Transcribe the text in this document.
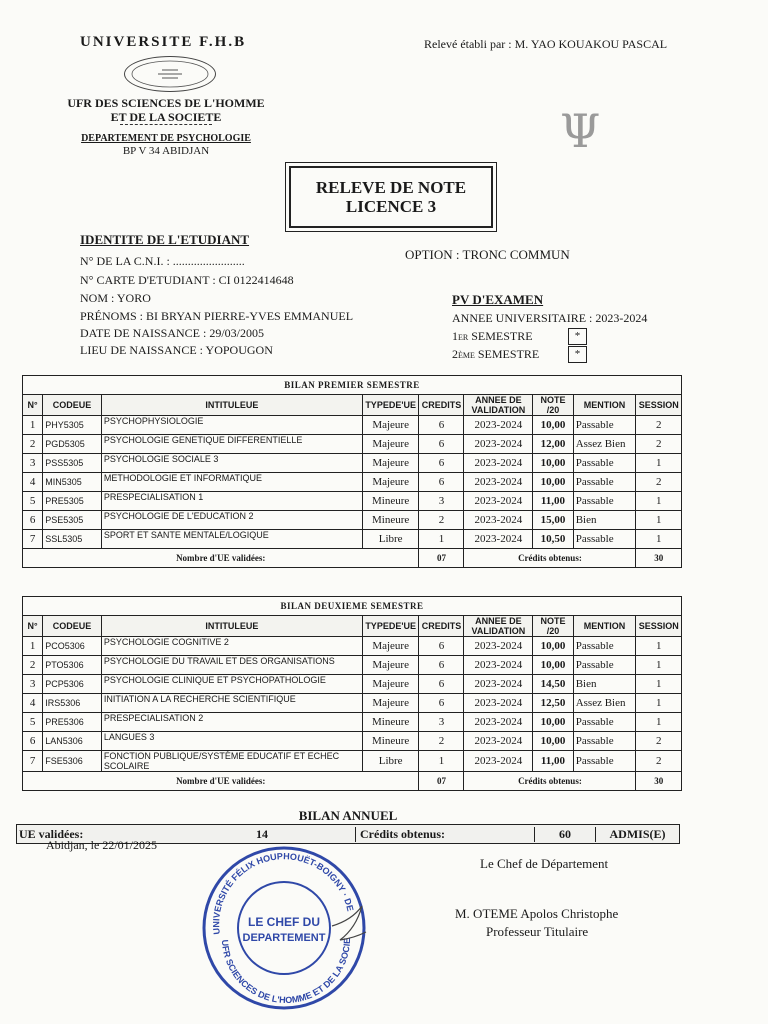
UNIVERSITE F.H.B	Relevé établi par : M. YAO KOUAKOU PASCAL
UFR DES SCIENCES DE L'HOMME
ET DE LA SOCIETE
DEPARTEMENT DE PSYCHOLOGIE
BP V 34 ABIDJAN	Ψ
RELEVE DE NOTE
LICENCE 3
IDENTITE DE L'ETUDIANT
N° DE LA C.N.I. : ........................
N° CARTE D'ETUDIANT : CI 0122414648
NOM : YORO
PRÉNOMS : BI BRYAN PIERRE-YVES EMMANUEL
DATE DE NAISSANCE : 29/03/2005
LIEU DE NAISSANCE : YOPOUGON
OPTION : TRONC COMMUN
PV D'EXAMEN
ANNEE UNIVERSITAIRE : 2023-2024
1er SEMESTRE	*
2ème SEMESTRE	*
BILAN PREMIER SEMESTRE								
N°	CODEUE	INTITULEUE	TYPEDE'UE	CREDITS	ANNEE DE VALIDATION	NOTE /20	MENTION	SESSION
1	PHY5305	PSYCHOPHYSIOLOGIE	Majeure	6	2023-2024	10,00	Passable	2
2	PGD5305	PSYCHOLOGIE GENETIQUE DIFFERENTIELLE	Majeure	6	2023-2024	12,00	Assez Bien	2
3	PSS5305	PSYCHOLOGIE SOCIALE 3	Majeure	6	2023-2024	10,00	Passable	1
4	MIN5305	METHODOLOGIE ET INFORMATIQUE	Majeure	6	2023-2024	10,00	Passable	2
5	PRE5305	PRESPECIALISATION 1	Mineure	3	2023-2024	11,00	Passable	1
6	PSE5305	PSYCHOLOGIE DE L'EDUCATION 2	Mineure	2	2023-2024	15,00	Bien	1
7	SSL5305	SPORT ET SANTE MENTALE/LOGIQUE	Libre	1	2023-2024	10,50	Passable	1
Nombre d'UE validées:				07	Crédits obtenus:			30
BILAN DEUXIEME SEMESTRE								
N°	CODEUE	INTITULEUE	TYPEDE'UE	CREDITS	ANNEE DE VALIDATION	NOTE /20	MENTION	SESSION
1	PCO5306	PSYCHOLOGIE COGNITIVE 2	Majeure	6	2023-2024	10,00	Passable	1
2	PTO5306	PSYCHOLOGIE DU TRAVAIL ET DES ORGANISATIONS	Majeure	6	2023-2024	10,00	Passable	1
3	PCP5306	PSYCHOLOGIE CLINIQUE ET PSYCHOPATHOLOGIE	Majeure	6	2023-2024	14,50	Bien	1
4	IRS5306	INITIATION A LA RECHERCHE SCIENTIFIQUE	Majeure	6	2023-2024	12,50	Assez Bien	1
5	PRE5306	PRESPECIALISATION 2	Mineure	3	2023-2024	10,00	Passable	1
6	LAN5306	LANGUES 3	Mineure	2	2023-2024	10,00	Passable	2
7	FSE5306	FONCTION PUBLIQUE/SYSTÈME EDUCATIF ET ECHEC SCOLAIRE	Libre	1	2023-2024	11,00	Passable	2
Nombre d'UE validées:				07	Crédits obtenus:			30
BILAN ANNUEL
UE validées:	14	Crédits obtenus:	60	ADMIS(E)
Abidjan, le 22/01/2025
Le Chef de Département
M. OTEME Apolos Christophe
Professeur Titulaire
UNIVERSITÉ FÉLIX HOUPHOUËT-BOIGNY · DE
UFR SCIENCES DE L'HOMME ET DE LA SOCIE
LE CHEF DU
DEPARTEMENT
